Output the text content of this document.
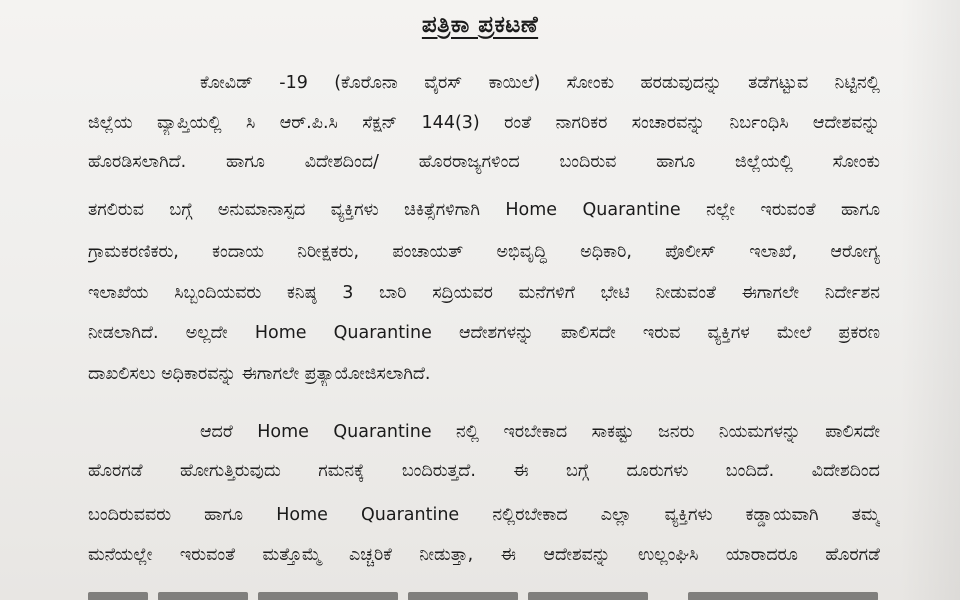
ಪತ್ರಿಕಾ ಪ್ರಕಟಣೆ
ಕೋವಿಡ್ -19 (ಕೊರೊನಾ ವೈರಸ್ ಕಾಯಿಲೆ) ಸೋಂಕು ಹರಡುವುದನ್ನು ತಡೆಗಟ್ಟುವ ನಿಟ್ಟಿನಲ್ಲಿ
ಜಿಲ್ಲೆಯ ವ್ಯಾಪ್ತಿಯಲ್ಲಿ ಸಿ ಆರ್.ಪಿ.ಸಿ ಸೆಕ್ಷನ್ 144(3) ರಂತೆ ನಾಗರಿಕರ ಸಂಚಾರವನ್ನು ನಿರ್ಬಂಧಿಸಿ ಆದೇಶವನ್ನು
ಹೊರಡಿಸಲಾಗಿದೆ. ಹಾಗೂ ವಿದೇಶದಿಂದ/ ಹೊರರಾಜ್ಯಗಳಿಂದ ಬಂದಿರುವ ಹಾಗೂ ಜಿಲ್ಲೆಯಲ್ಲಿ ಸೋಂಕು
ತಗಲಿರುವ ಬಗ್ಗೆ ಅನುಮಾನಾಸ್ಪದ ವ್ಯಕ್ತಿಗಳು ಚಿಕಿತ್ಸೆಗಳಿಗಾಗಿ Home Quarantine ನಲ್ಲೇ ಇರುವಂತೆ ಹಾಗೂ
ಗ್ರಾಮಕರಣಿಕರು, ಕಂದಾಯ ನಿರೀಕ್ಷಕರು, ಪಂಚಾಯತ್ ಅಭಿವೃದ್ಧಿ ಅಧಿಕಾರಿ, ಪೊಲೀಸ್ ಇಲಾಖೆ, ಆರೋಗ್ಯ
ಇಲಾಖೆಯ ಸಿಬ್ಬಂದಿಯವರು ಕನಿಷ್ಠ 3 ಬಾರಿ ಸದ್ರಿಯವರ ಮನೆಗಳಿಗೆ ಭೇಟಿ ನೀಡುವಂತೆ ಈಗಾಗಲೇ ನಿರ್ದೇಶನ
ನೀಡಲಾಗಿದೆ. ಅಲ್ಲದೇ Home Quarantine ಆದೇಶಗಳನ್ನು ಪಾಲಿಸದೇ ಇರುವ ವ್ಯಕ್ತಿಗಳ ಮೇಲೆ ಪ್ರಕರಣ
ದಾಖಲಿಸಲು ಅಧಿಕಾರವನ್ನು ಈಗಾಗಲೇ ಪ್ರತ್ಯಾಯೋಜಿಸಲಾಗಿದೆ.
ಆದರೆ Home Quarantine ನಲ್ಲಿ ಇರಬೇಕಾದ ಸಾಕಷ್ಟು ಜನರು ನಿಯಮಗಳನ್ನು ಪಾಲಿಸದೇ
ಹೊರಗಡೆ ಹೋಗುತ್ತಿರುವುದು ಗಮನಕ್ಕೆ ಬಂದಿರುತ್ತದೆ. ಈ ಬಗ್ಗೆ ದೂರುಗಳು ಬಂದಿದೆ. ವಿದೇಶದಿಂದ
ಬಂದಿರುವವರು ಹಾಗೂ Home Quarantine ನಲ್ಲಿರಬೇಕಾದ ಎಲ್ಲಾ ವ್ಯಕ್ತಿಗಳು ಕಡ್ಡಾಯವಾಗಿ ತಮ್ಮ
ಮನೆಯಲ್ಲೇ ಇರುವಂತೆ ಮತ್ತೊಮ್ಮೆ ಎಚ್ಚರಿಕೆ ನೀಡುತ್ತಾ, ಈ ಆದೇಶವನ್ನು ಉಲ್ಲಂಘಿಸಿ ಯಾರಾದರೂ ಹೊರಗಡೆ
